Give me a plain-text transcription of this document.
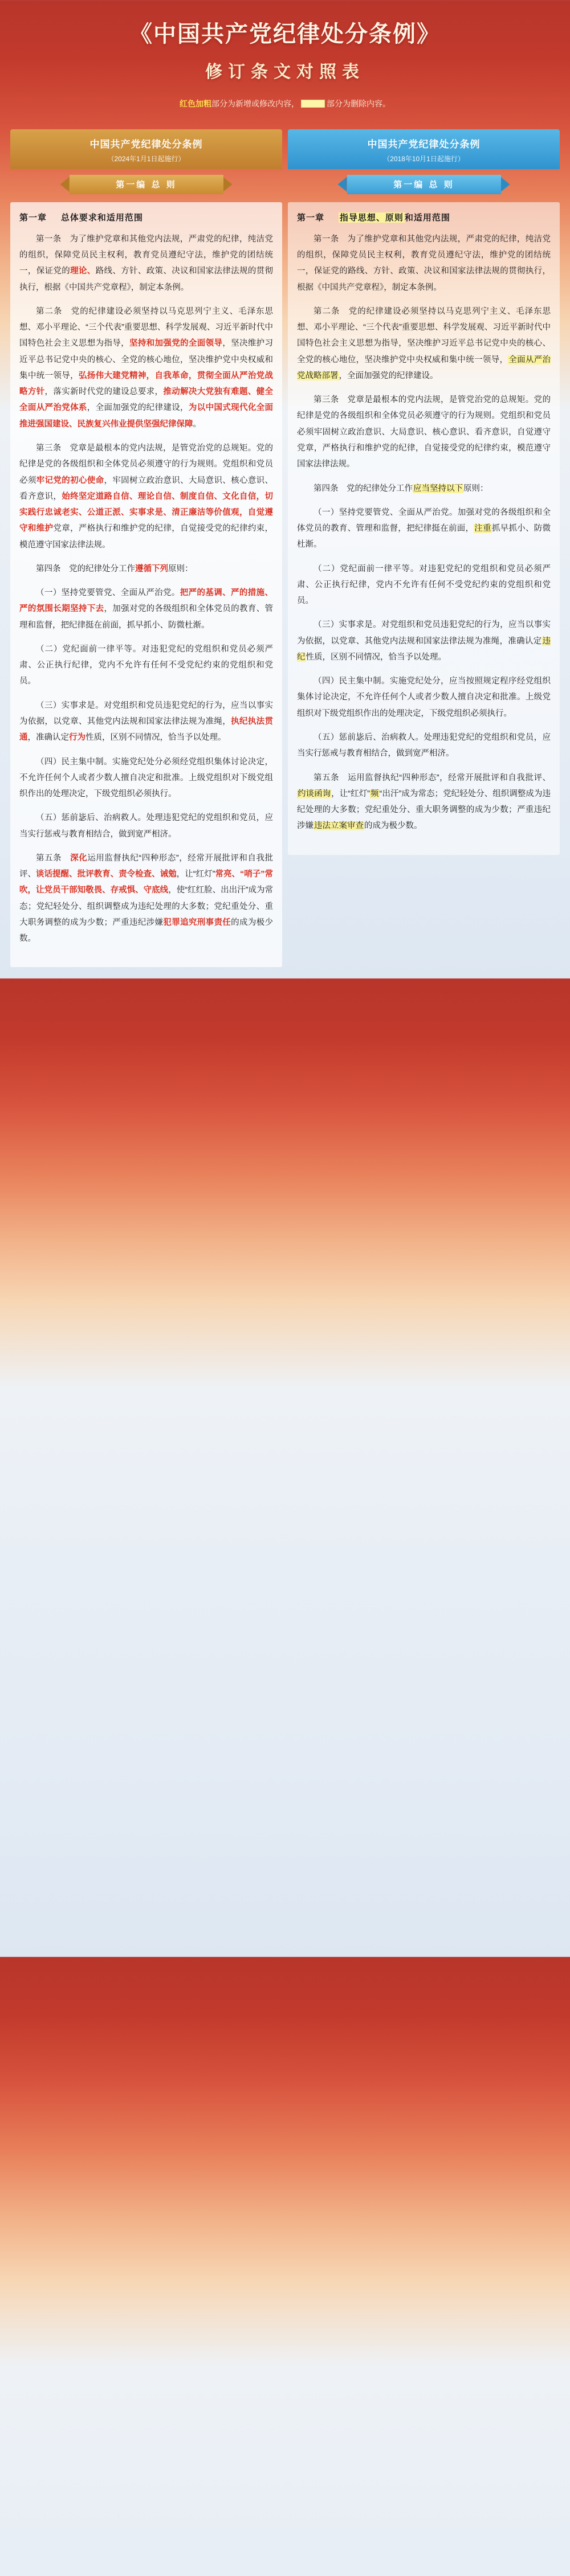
《中国共产党纪律处分条例》
修订条文对照表
红色加粗部分为新增或修改内容，	部分为删除内容。
中国共产党纪律处分条例
（2024年1月1日起施行）
中国共产党纪律处分条例
（2018年10月1日起施行）
第一编 总 则	第一编 总 则
第一章 总体要求和适用范围

第一条　为了维护党章和其他党内法规，严肃党的纪律，纯洁党的组织，保障党员民主权利，教育党员遵纪守法，维护党的团结统一，保证党的理论、路线、方针、政策、决议和国家法律法规的贯彻执行，根据《中国共产党章程》，制定本条例。

第二条　党的纪律建设必须坚持以马克思列宁主义、毛泽东思想、邓小平理论、“三个代表”重要思想、科学发展观、习近平新时代中国特色社会主义思想为指导，坚持和加强党的全面领导，坚决维护习近平总书记党中央的核心、全党的核心地位，坚决维护党中央权威和集中统一领导，弘扬伟大建党精神，自我革命，贯彻全面从严治党战略方针，落实新时代党的建设总要求，推动解决大党独有难题、健全全面从严治党体系，全面加强党的纪律建设，为以中国式现代化全面推进强国建设、民族复兴伟业提供坚强纪律保障。

第三条　党章是最根本的党内法规，是管党治党的总规矩。党的纪律是党的各级组织和全体党员必须遵守的行为规则。党组织和党员必须牢记党的初心使命，牢固树立政治意识、大局意识、核心意识、看齐意识，始终坚定道路自信、理论自信、制度自信、文化自信，切实践行忠诚老实、公道正派、实事求是、清正廉洁等价值观，自觉遵守和维护党章，严格执行和维护党的纪律，自觉接受党的纪律约束，模范遵守国家法律法规。

第四条　党的纪律处分工作遵循下列原则：

（一）坚持党要管党、全面从严治党。把严的基调、严的措施、严的氛围长期坚持下去，加强对党的各级组织和全体党员的教育、管理和监督，把纪律挺在前面，抓早抓小、防微杜渐。

（二）党纪面前一律平等。对违犯党纪的党组织和党员必须严肃、公正执行纪律，党内不允许有任何不受党纪约束的党组织和党员。

（三）实事求是。对党组织和党员违犯党纪的行为，应当以事实为依据，以党章、其他党内法规和国家法律法规为准绳，执纪执法贯通，准确认定行为性质，区别不同情况，恰当予以处理。

（四）民主集中制。实施党纪处分必须经党组织集体讨论决定，不允许任何个人或者少数人擅自决定和批准。上级党组织对下级党组织作出的处理决定，下级党组织必须执行。

（五）惩前毖后、治病救人。处理违犯党纪的党组织和党员，应当实行惩戒与教育相结合，做到宽严相济。

第五条　深化运用监督执纪“四种形态”，经常开展批评和自我批评、谈话提醒、批评教育、责令检查、诫勉，让“红灯”常亮、“哨子”常吹，让党员干部知敬畏、存戒惧、守底线，使“红红脸、出出汗”成为常态；党纪轻处分、组织调整成为违纪处理的大多数；党纪重处分、重大职务调整的成为少数；严重违纪涉嫌犯罪追究刑事责任的成为极少数。

第一章 指导思想、原则 和适用范围

第一条　为了维护党章和其他党内法规，严肃党的纪律，纯洁党的组织，保障党员民主权利，教育党员遵纪守法，维护党的团结统一，保证党的路线、方针、政策、决议和国家法律法规的贯彻执行，根据《中国共产党章程》，制定本条例。

第二条　党的纪律建设必须坚持以马克思列宁主义、毛泽东思想、邓小平理论、“三个代表”重要思想、科学发展观、习近平新时代中国特色社会主义思想为指导，坚决维护习近平总书记党中央的核心、全党的核心地位，坚决维护党中央权威和集中统一领导，全面从严治党战略部署，全面加强党的纪律建设。

第三条　党章是最根本的党内法规，是管党治党的总规矩。党的纪律是党的各级组织和全体党员必须遵守的行为规则。党组织和党员必须牢固树立政治意识、大局意识、核心意识、看齐意识，自觉遵守党章，严格执行和维护党的纪律，自觉接受党的纪律约束，模范遵守国家法律法规。

第四条　党的纪律处分工作应当坚持以下原则：

（一）坚持党要管党、全面从严治党。加强对党的各级组织和全体党员的教育、管理和监督，把纪律挺在前面，注重抓早抓小、防微杜渐。

（二）党纪面前一律平等。对违犯党纪的党组织和党员必须严肃、公正执行纪律，党内不允许有任何不受党纪约束的党组织和党员。

（三）实事求是。对党组织和党员违犯党纪的行为，应当以事实为依据，以党章、其他党内法规和国家法律法规为准绳，准确认定违纪性质，区别不同情况，恰当予以处理。

（四）民主集中制。实施党纪处分，应当按照规定程序经党组织集体讨论决定，不允许任何个人或者少数人擅自决定和批准。上级党组织对下级党组织作出的处理决定，下级党组织必须执行。

（五）惩前毖后、治病救人。处理违犯党纪的党组织和党员，应当实行惩戒与教育相结合，做到宽严相济。

第五条　运用监督执纪“四种形态”，经常开展批评和自我批评、约谈函询，让“红灯”频“出汗”成为常态；党纪轻处分、组织调整成为违纪处理的大多数；党纪重处分、重大职务调整的成为少数；严重违纪涉嫌违法立案审查的成为极少数。
